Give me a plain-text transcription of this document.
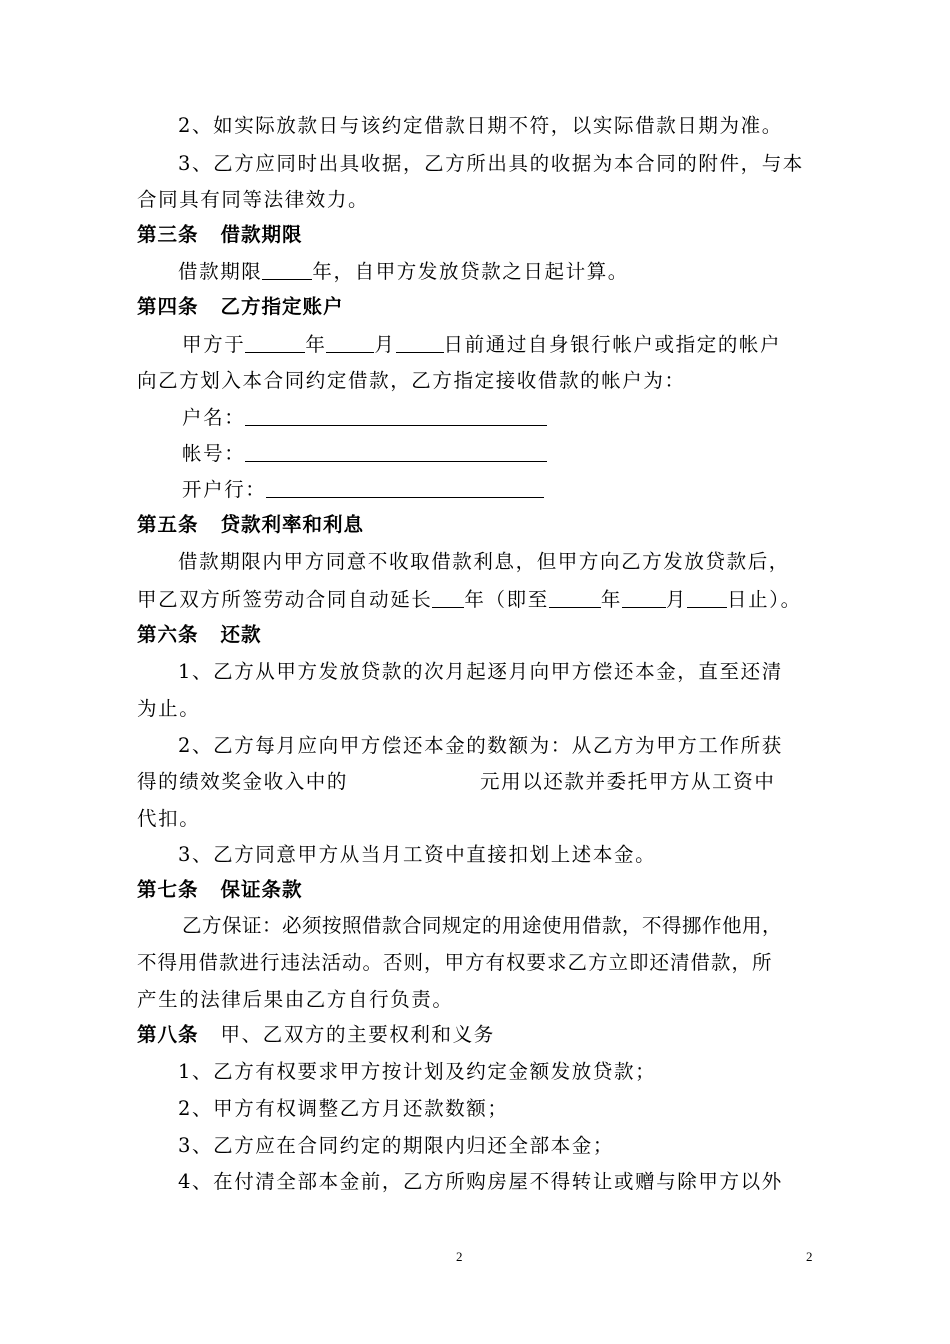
2、如实际放款日与该约定借款日期不符，以实际借款日期为准。
3、乙方应同时出具收据，乙方所出具的收据为本合同的附件，与本
合同具有同等法律效力。
第三条 借款期限
借款期限	年，自甲方发放贷款之日起计算。
第四条 乙方指定账户
甲方于	年 月 日前通过自身银行帐户或指定的帐户
向乙方划入本合同约定借款，乙方指定接收借款的帐户为：
户名：
帐号：
开户行：
第五条 贷款利率和利息
借款期限内甲方同意不收取借款利息，但甲方向乙方发放贷款后，
甲乙双方所签劳动合同自动延长 年（即至	年 月 日止）。
第六条 还款
1、乙方从甲方发放贷款的次月起逐月向甲方偿还本金，直至还清
为止。
2、乙方每月应向甲方偿还本金的数额为：从乙方为甲方工作所获
得的绩效奖金收入中的	元用以还款并委托甲方从工资中
代扣。
3、乙方同意甲方从当月工资中直接扣划上述本金。
第七条 保证条款
乙方保证：必须按照借款合同规定的用途使用借款，不得挪作他用，
不得用借款进行违法活动。否则，甲方有权要求乙方立即还清借款，所
产生的法律后果由乙方自行负责。
第八条 甲、乙双方的主要权利和义务
1、乙方有权要求甲方按计划及约定金额发放贷款；
2、甲方有权调整乙方月还款数额；
3、乙方应在合同约定的期限内归还全部本金；
4、在付清全部本金前，乙方所购房屋不得转让或赠与除甲方以外
2	2
